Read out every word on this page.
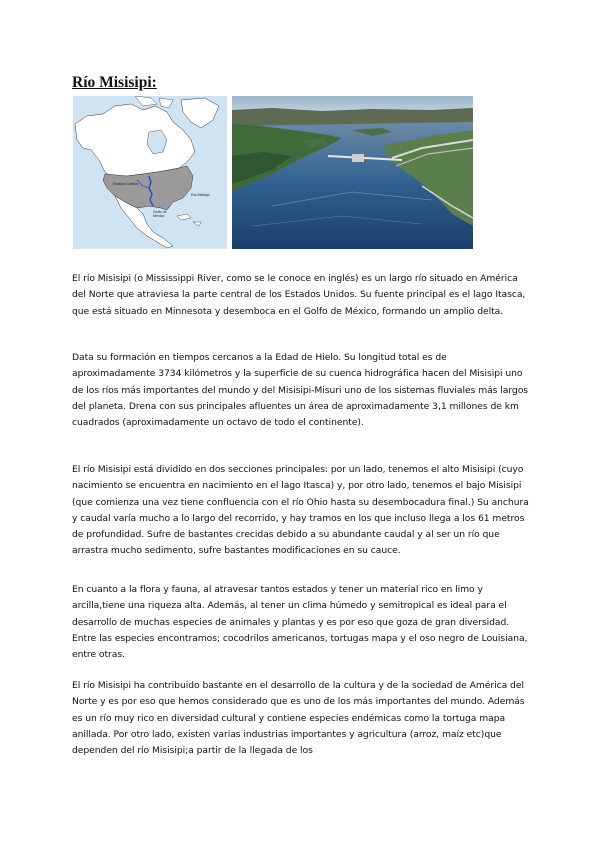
Río Misisipi:
Estados Unidos
Río Misisipi
Golfo de México

El río Misisipi (o Mississippi River, como se le conoce en inglés) es un largo río situado en América del Norte que atraviesa la parte central de los Estados Unidos. Su fuente principal es el lago Itasca, que está situado en Minnesota y desemboca en el Golfo de México, formando un amplio delta.

Data su formación en tiempos cercanos a la Edad de Hielo. Su longitud total es de aproximadamente 3734 kilómetros y la superficie de su cuenca hidrográfica hacen del Misisipi uno de los ríos más importantes del mundo y del Misisipi-Misuri uno de los sistemas fluviales más largos del planeta. Drena con sus principales afluentes un área de aproximadamente 3,1 millones de km cuadrados (aproximadamente un octavo de todo el continente).

El río Misisipi está dividido en dos secciones principales: por un lado, tenemos el alto Misisipi (cuyo nacimiento se encuentra en nacimiento en el lago Itasca) y, por otro lado, tenemos el bajo Misisipi (que comienza una vez tiene confluencia con el río Ohio hasta su desembocadura final.) Su anchura y caudal varía mucho a lo largo del recorrido, y hay tramos en los que incluso llega a los 61 metros de profundidad. Sufre de bastantes crecidas debido a su abundante caudal y al ser un río que arrastra mucho sedimento, sufre bastantes modificaciones en su cauce.

En cuanto a la flora y fauna, al atravesar tantos estados y tener un material rico en limo y arcilla,tiene una riqueza alta. Además, al tener un clima húmedo y semitropical es ideal para el desarrollo de muchas especies de animales y plantas y es por eso que goza de gran diversidad. Entre las especies encontramos; cocodrilos americanos, tortugas mapa y el oso negro de Louisiana, entre otras.

El río Misisipi ha contribuido bastante en el desarrollo de la cultura y de la sociedad de América del Norte y es por eso que hemos considerado que es uno de los más importantes del mundo. Además es un río muy rico en diversidad cultural y contiene especies endémicas como la tortuga mapa anillada. Por otro lado, existen varias industrias importantes y agricultura (arroz, maíz etc)que dependen del río Misisipi;a partir de la llegada de los
